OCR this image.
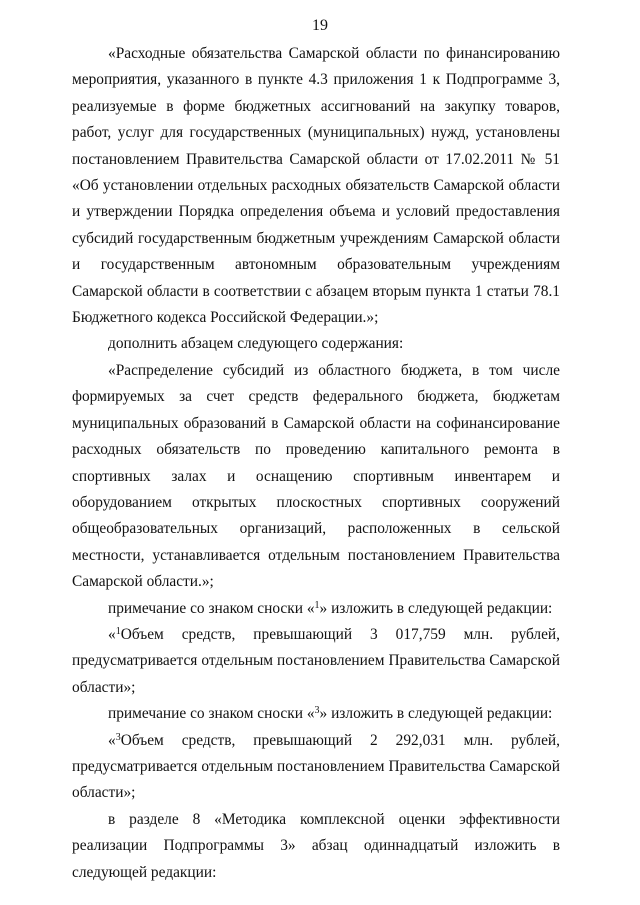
19

«Расходные обязательства Самарской области по финансированию мероприятия, указанного в пункте 4.3 приложения 1 к Подпрограмме 3, реализуемые в форме бюджетных ассигнований на закупку товаров, работ, услуг для государственных (муниципальных) нужд, установлены постановлением Правительства Самарской области от 17.02.2011 № 51 «Об установлении отдельных расходных обязательств Самарской области и утверждении Порядка определения объема и условий предоставления субсидий государственным бюджетным учреждениям Самарской области и государственным автономным образовательным учреждениям Самарской области в соответствии с абзацем вторым пункта 1 статьи 78.1 Бюджетного кодекса Российской Федерации.»;

дополнить абзацем следующего содержания:

«Распределение субсидий из областного бюджета, в том числе формируемых за счет средств федерального бюджета, бюджетам муниципальных образований в Самарской области на софинансирование расходных обязательств по проведению капитального ремонта в спортивных залах и оснащению спортивным инвентарем и оборудованием открытых плоскостных спортивных сооружений общеобразовательных организаций, расположенных в сельской местности, устанавливается отдельным постановлением Правительства Самарской области.»;

примечание со знаком сноски «$^1$» изложить в следующей редакции:

«$^1$Объем средств, превышающий 3 017,759 млн. рублей, предусматривается отдельным постановлением Правительства Самарской области»;

примечание со знаком сноски «$^3$» изложить в следующей редакции:

«$^3$Объем средств, превышающий 2 292,031 млн. рублей, предусматривается отдельным постановлением Правительства Самарской области»;

в разделе 8 «Методика комплексной оценки эффективности реализации Подпрограммы 3» абзац одиннадцатый изложить в следующей редакции:
